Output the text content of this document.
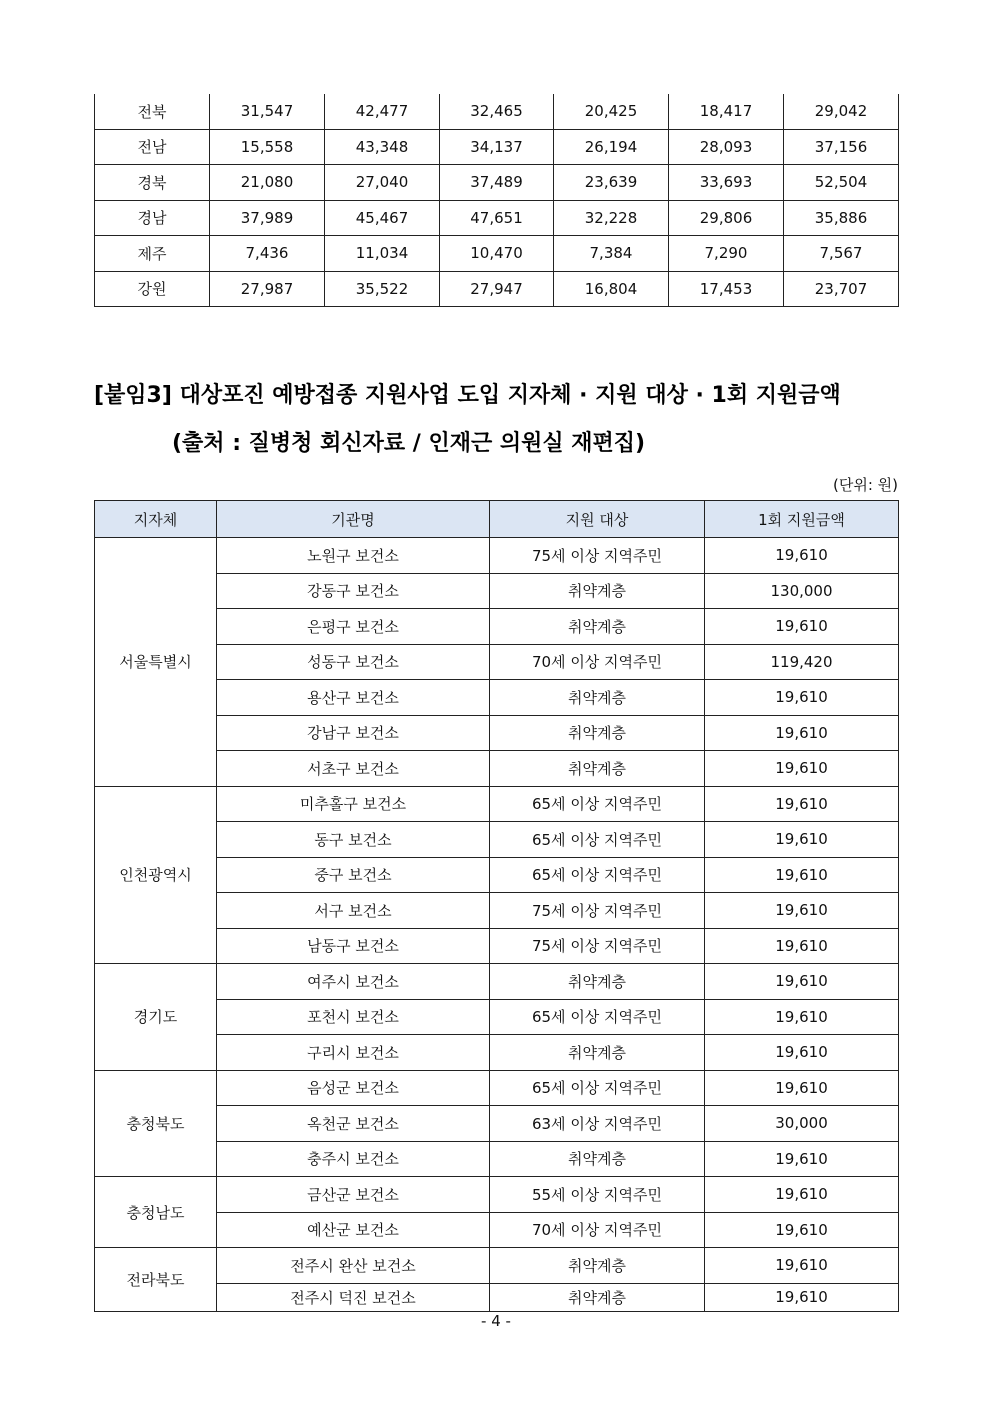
전북	31,547	42,477	32,465	20,425	18,417	29,042
전남	15,558	43,348	34,137	26,194	28,093	37,156
경북	21,080	27,040	37,489	23,639	33,693	52,504
경남	37,989	45,467	47,651	32,228	29,806	35,886
제주	7,436	11,034	10,470	7,384	7,290	7,567
강원	27,987	35,522	27,947	16,804	17,453	23,707
[붙임3] 대상포진 예방접종 지원사업 도입 지자체 · 지원 대상 · 1회 지원금액
(출처 : 질병청 회신자료 / 인재근 의원실 재편집)
(단위: 원)
지자체	기관명	지원 대상	1회 지원금액
서울특별시	노원구 보건소	75세 이상 지역주민	19,610
	강동구 보건소	취약계층	130,000
	은평구 보건소	취약계층	19,610
	성동구 보건소	70세 이상 지역주민	119,420
	용산구 보건소	취약계층	19,610
	강남구 보건소	취약계층	19,610
	서초구 보건소	취약계층	19,610
인천광역시	미추홀구 보건소	65세 이상 지역주민	19,610
	동구 보건소	65세 이상 지역주민	19,610
	중구 보건소	65세 이상 지역주민	19,610
	서구 보건소	75세 이상 지역주민	19,610
	남동구 보건소	75세 이상 지역주민	19,610
경기도	여주시 보건소	취약계층	19,610
	포천시 보건소	65세 이상 지역주민	19,610
	구리시 보건소	취약계층	19,610
충청북도	음성군 보건소	65세 이상 지역주민	19,610
	옥천군 보건소	63세 이상 지역주민	30,000
	충주시 보건소	취약계층	19,610
충청남도	금산군 보건소	55세 이상 지역주민	19,610
	예산군 보건소	70세 이상 지역주민	19,610
전라북도	전주시 완산 보건소	취약계층	19,610
	전주시 덕진 보건소	취약계층	19,610
- 4 -
